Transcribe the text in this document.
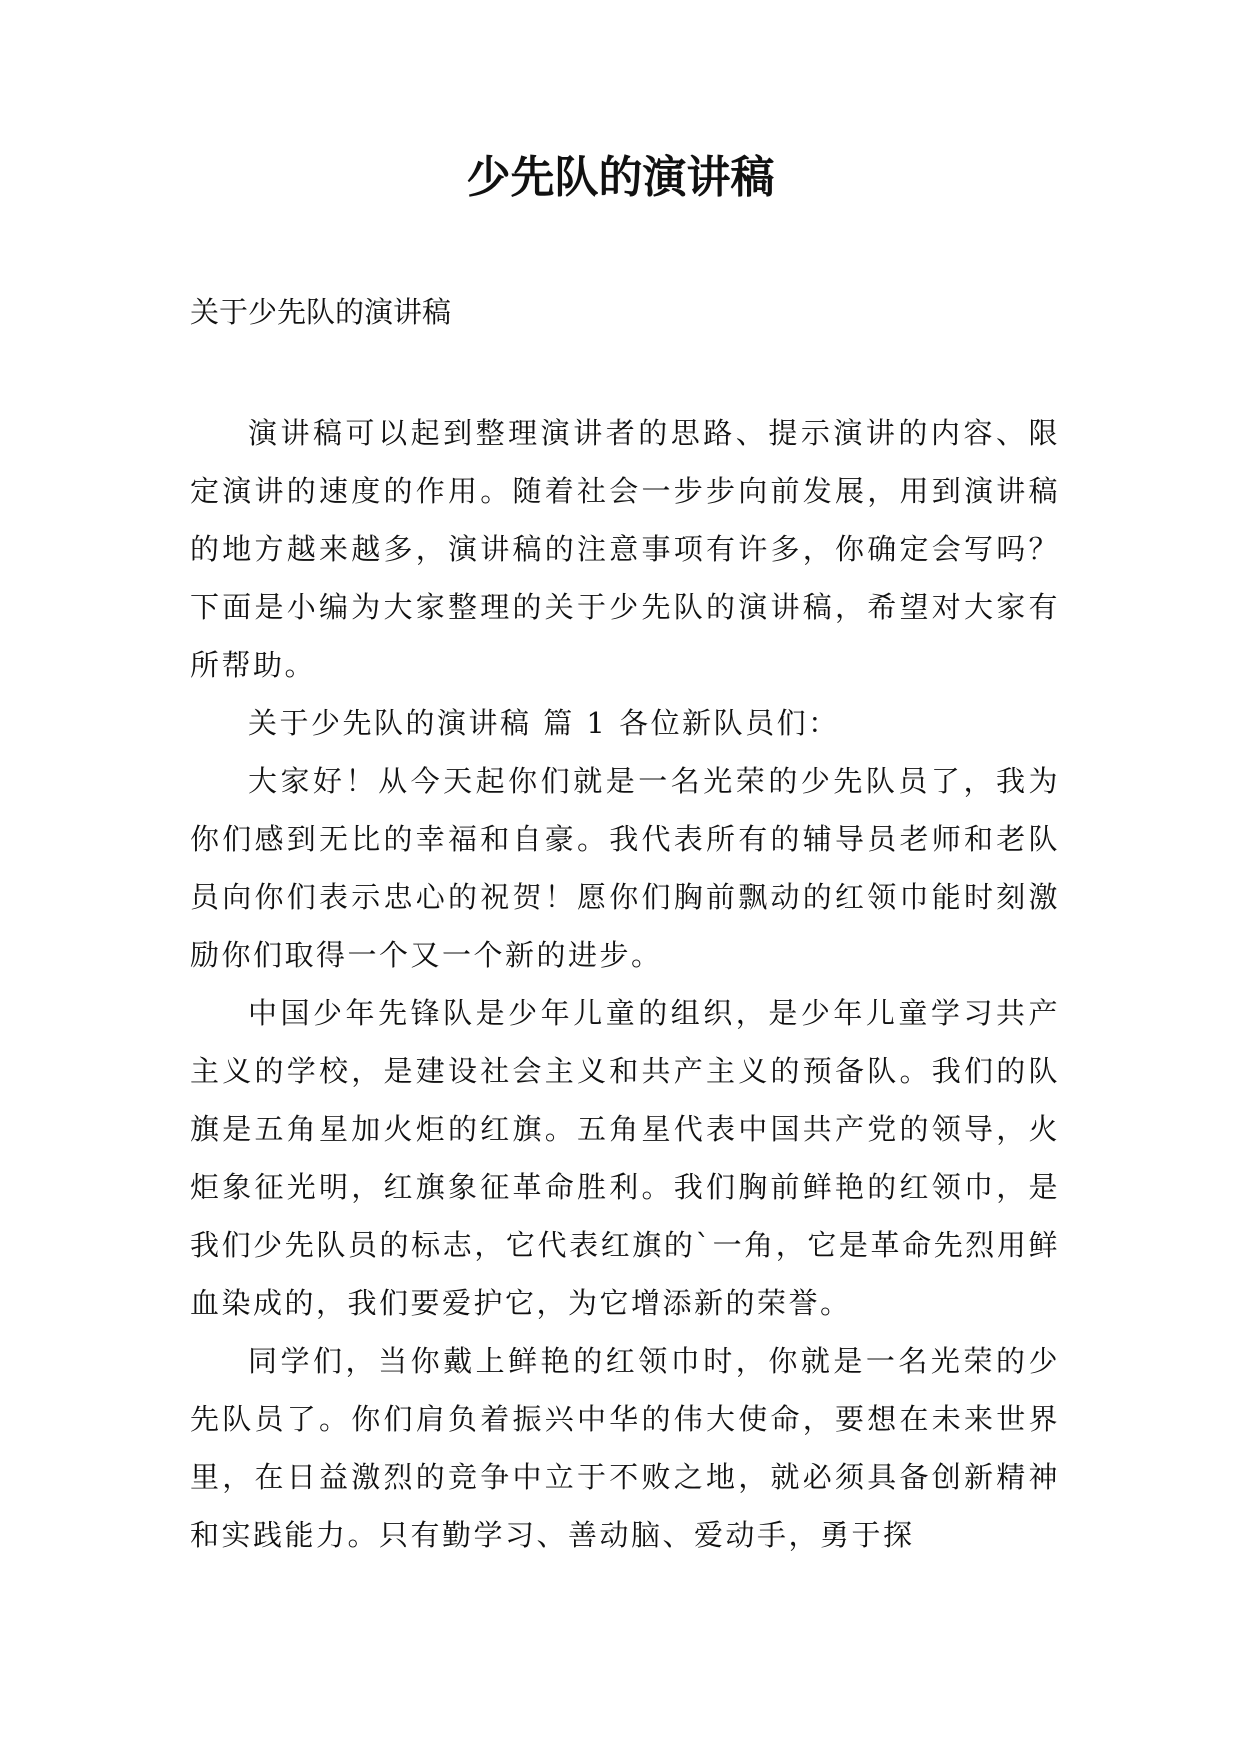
少先队的演讲稿
关于少先队的演讲稿

演讲稿可以起到整理演讲者的思路、提示演讲的内容、限定演讲的速度的作用。随着社会一步步向前发展，用到演讲稿的地方越来越多，演讲稿的注意事项有许多，你确定会写吗？下面是小编为大家整理的关于少先队的演讲稿，希望对大家有所帮助。

关于少先队的演讲稿 篇 1 各位新队员们：

大家好！从今天起你们就是一名光荣的少先队员了，我为你们感到无比的幸福和自豪。我代表所有的辅导员老师和老队员向你们表示忠心的祝贺！愿你们胸前飘动的红领巾能时刻激励你们取得一个又一个新的进步。

中国少年先锋队是少年儿童的组织，是少年儿童学习共产主义的学校，是建设社会主义和共产主义的预备队。我们的队旗是五角星加火炬的红旗。五角星代表中国共产党的领导，火炬象征光明，红旗象征革命胜利。我们胸前鲜艳的红领巾，是我们少先队员的标志，它代表红旗的`一角，它是革命先烈用鲜血染成的，我们要爱护它，为它增添新的荣誉。

同学们，当你戴上鲜艳的红领巾时，你就是一名光荣的少先队员了。你们肩负着振兴中华的伟大使命，要想在未来世界里，在日益激烈的竞争中立于不败之地，就必须具备创新精神和实践能力。只有勤学习、善动脑、爱动手，勇于探
